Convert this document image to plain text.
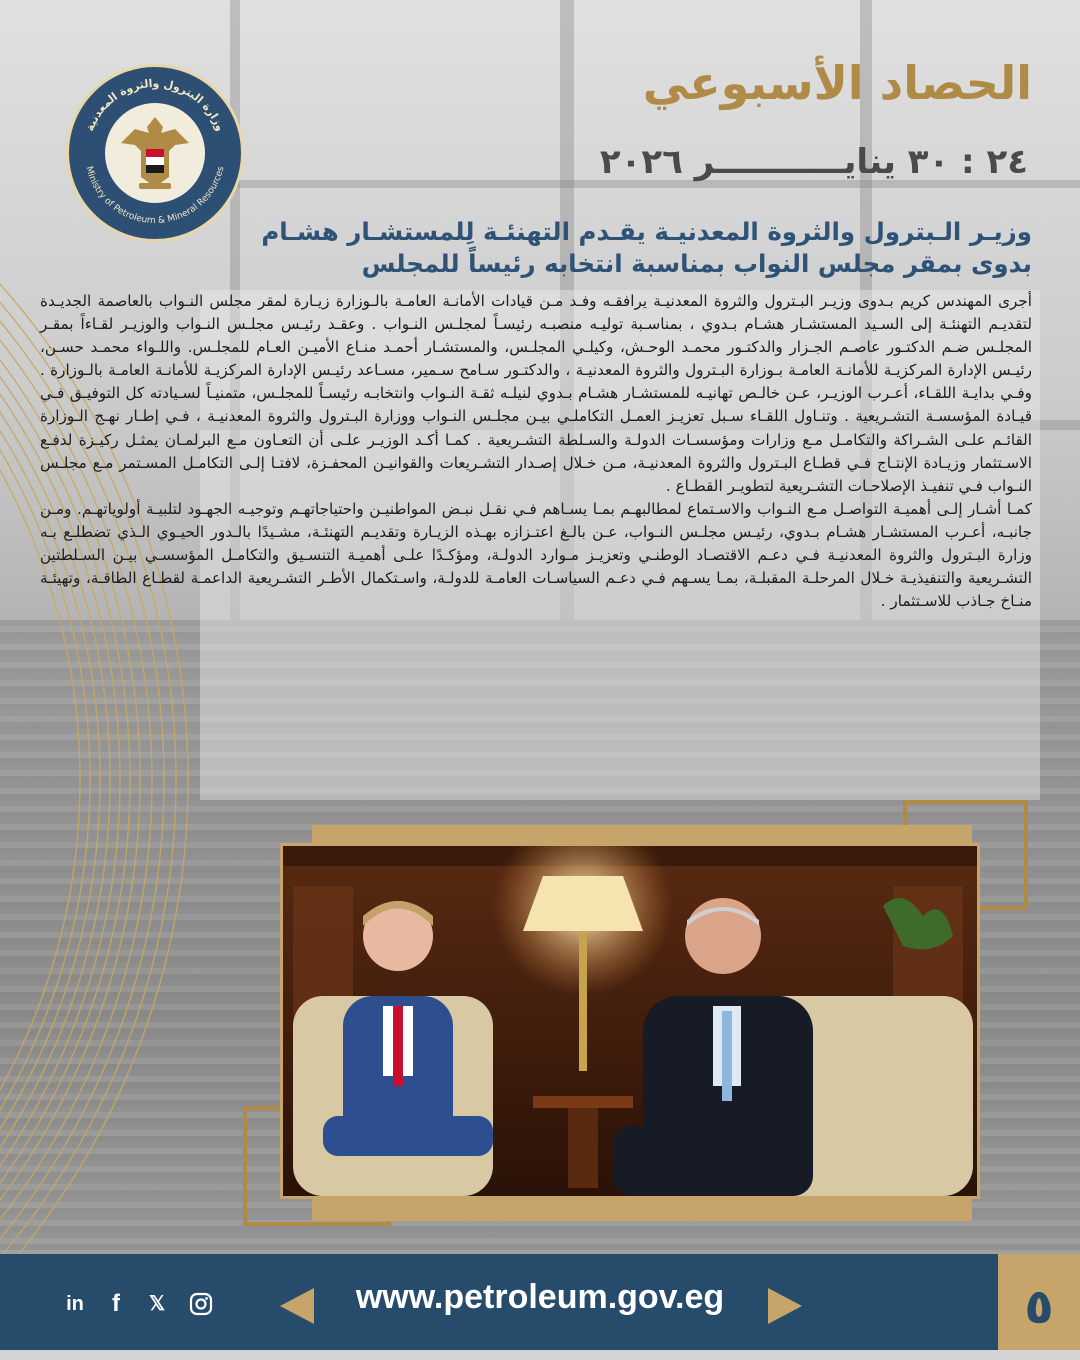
وزارة البترول والثروة المعدنية
Ministry of Petroleum & Mineral Resources
الحصاد الأسبوعي
٢٤ : ٣٠ ينايـــــــــــر ٢٠٢٦
وزيـر الـبترول والثروة المعدنيـة يقـدم التهنئـة لِلمستشـار هشـام بدوى بمقر مجلس النواب بمناسبة انتخابه رئيساً للمجلس

أجرى المهندس كريم بـدوى وزيـر البـترول والثروة المعدنيـة يرافقـه وفـد مـن قيادات الأمانـة العامـة بالـوزارة زيـارة لمقر مجلس النـواب بالعاصمة الجديـدة لتقديـم التهنئـة إلى السـيد المستشـار هشـام بـدوي ، بمناسـبة توليـه منصبـه رئيسـاً لمجلـس النـواب . وعقـد رئيـس مجلـس النـواب والوزيـر لقـاءاً بمقـر المجلـس ضـم الدكتـور عاصـم الجـزار والدكتـور محمـد الوحـش، وكيلـي المجلـس، والمستشـار أحمـد منـاع الأميـن العـام للمجلـس. واللـواء محمـد حسـن، رئيـس الإدارة المركزيـة للأمانـة العامـة بـوزارة البـترول والثروة المعدنيـة ، والدكتـور سـامح سـمير، مسـاعد رئيـس الإدارة المركزيـة للأمانـة العامـة بالـوزارة . وفـي بدايـة اللقـاء، أعـرب الوزيـر، عـن خالـص تهانيـه للمستشـار هشـام بـدوي لنيلـه ثقـة النـواب وانتخابـه رئيسـاً للمجلـس، متمنيـاً لسـيادته كل التوفيـق فـي قيـادة المؤسسـة التشـريعية . وتنـاول اللقـاء سـبل تعزيـز العمـل التكاملـي بيـن مجلـس النـواب ووزارة البـترول والثروة المعدنيـة ، فـي إطـار نهـج الـوزارة القائـم علـى الشـراكة والتكامـل مـع وزارات ومؤسسـات الدولـة والسـلطة التشـريعية . كمـا أكـد الوزيـر علـى أن التعـاون مـع البرلمـان يمثـل ركيـزة لدفـع الاسـتثمار وزيـادة الإنتـاج فـي قطـاع البـترول والثروة المعدنيـة، مـن خـلال إصـدار التشـريعات والقوانيـن المحفـزة، لافتـا إلـى التكامـل المسـتمر مـع مجلـس النـواب فـي تنفيـذ الإصلاحـات التشـريعية لتطويـر القطـاع .

كمـا أشـار إلـى أهميـة التواصـل مـع النـواب والاسـتماع لمطالبهـم بمـا يسـاهم فـي نقـل نبـض المواطنيـن واحتياجاتهـم وتوجيـه الجهـود لتلبيـة أولوياتهـم. ومـن جانبـه، أعـرب المستشـار هشـام بـدوي، رئيـس مجلـس النـواب، عـن بالـغ اعتـزازه بهـذه الزيـارة وتقديـم التهنئـة، مشـيدًا بالـدور الحيـوي الـذي تضطلـع بـه وزارة البـترول والثروة المعدنيـة فـي دعـم الاقتصـاد الوطنـي وتعزيـز مـوارد الدولـة، ومؤكـدًا علـى أهميـة التنسـيق والتكامـل المؤسسـي بيـن السـلطتين التشـريعية والتنفيذيـة خـلال المرحلـة المقبلـة، بمـا يسـهم فـي دعـم السياسـات العامـة للدولـة، واسـتكمال الأطـر التشـريعية الداعمـة لقطـاع الطاقـة، وتهيئـة منـاخ جـاذب للاسـتثمار .

٥
www.petroleum.gov.eg
in	f	𝕏
